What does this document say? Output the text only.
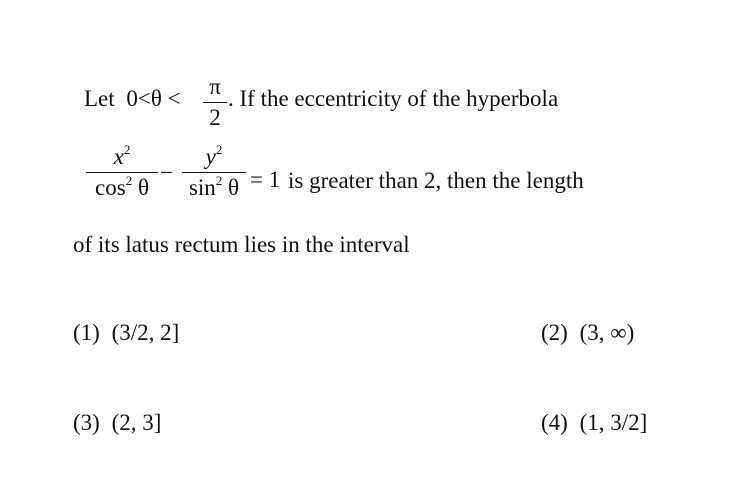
Let 0<θ < π
2
. If the eccentricity of the hyperbola
$x^2$
$\cos^2 \theta$
−
$y^2$
$\sin^2 \theta = 1$ is greater than 2, then the length
of its latus rectum lies in the interval
(1) (3/2, 2]	(2) (3, ∞)
(3) (2, 3]	(4) (1, 3/2]
